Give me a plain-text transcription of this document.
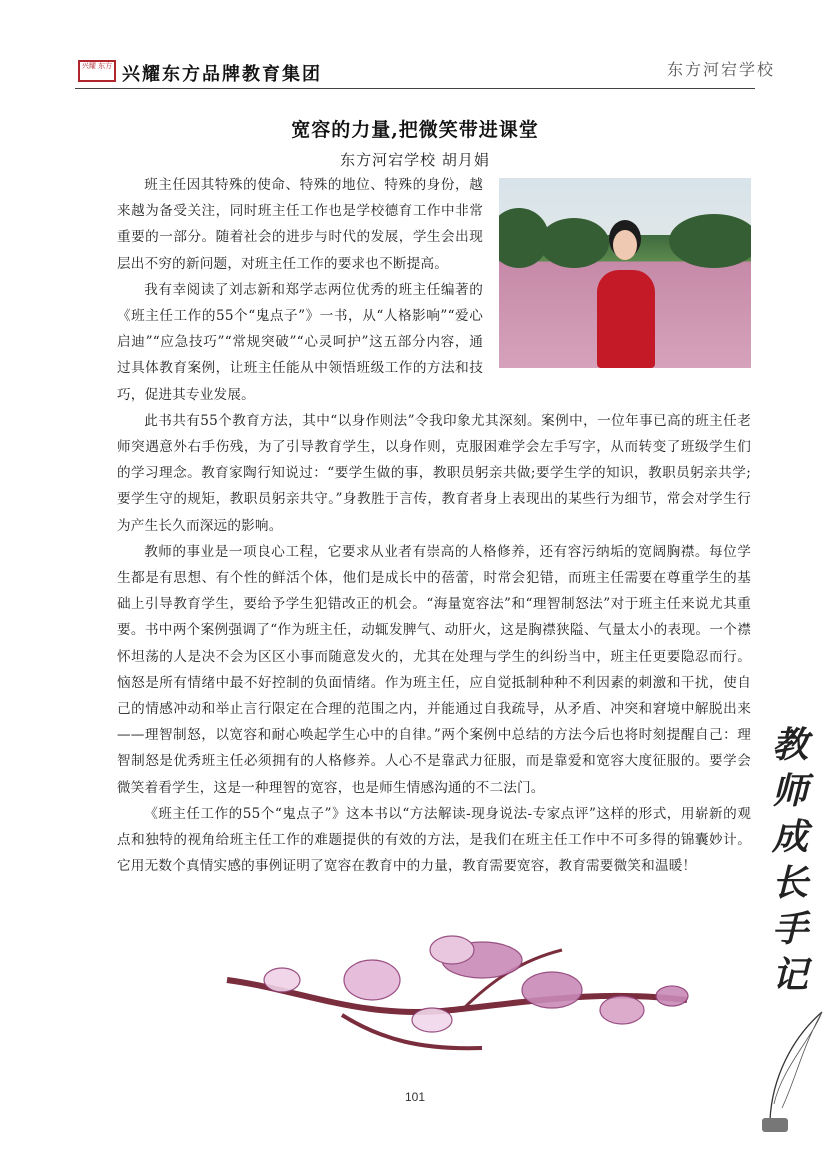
兴耀 东方 兴耀东方品牌教育集团	东方河宕学校
宽容的力量,把微笑带进课堂
东方河宕学校 胡月娟

班主任因其特殊的使命、特殊的地位、特殊的身份，越来越为备受关注，同时班主任工作也是学校德育工作中非常重要的一部分。随着社会的进步与时代的发展，学生会出现层出不穷的新问题，对班主任工作的要求也不断提高。

我有幸阅读了刘志新和郑学志两位优秀的班主任编著的《班主任工作的55个“鬼点子”》一书，从“人格影响”“爱心启迪”“应急技巧”“常规突破”“心灵呵护”这五部分内容，通过具体教育案例，让班主任能从中领悟班级工作的方法和技巧，促进其专业发展。

此书共有55个教育方法，其中“以身作则法”令我印象尤其深刻。案例中，一位年事已高的班主任老师突遇意外右手伤残，为了引导教育学生，以身作则，克服困难学会左手写字，从而转变了班级学生们的学习理念。教育家陶行知说过：“要学生做的事，教职员躬亲共做;要学生学的知识，教职员躬亲共学;要学生守的规矩，教职员躬亲共守。”身教胜于言传，教育者身上表现出的某些行为细节，常会对学生行为产生长久而深远的影响。

教师的事业是一项良心工程，它要求从业者有崇高的人格修养，还有容污纳垢的宽阔胸襟。每位学生都是有思想、有个性的鲜活个体，他们是成长中的蓓蕾，时常会犯错，而班主任需要在尊重学生的基础上引导教育学生，要给予学生犯错改正的机会。“海量宽容法”和“理智制怒法”对于班主任来说尤其重要。书中两个案例强调了“作为班主任，动辄发脾气、动肝火，这是胸襟狭隘、气量太小的表现。一个襟怀坦荡的人是决不会为区区小事而随意发火的，尤其在处理与学生的纠纷当中，班主任更要隐忍而行。恼怒是所有情绪中最不好控制的负面情绪。作为班主任，应自觉抵制种种不利因素的刺激和干扰，使自己的情感冲动和举止言行限定在合理的范围之内，并能通过自我疏导，从矛盾、冲突和窘境中解脱出来——理智制怒，以宽容和耐心唤起学生心中的自律。”两个案例中总结的方法今后也将时刻提醒自己：理智制怒是优秀班主任必须拥有的人格修养。人心不是靠武力征服，而是靠爱和宽容大度征服的。要学会微笑着看学生，这是一种理智的宽容，也是师生情感沟通的不二法门。

《班主任工作的55个“鬼点子”》这本书以“方法解读-现身说法-专家点评”这样的形式，用崭新的观点和独特的视角给班主任工作的难题提供的有效的方法，是我们在班主任工作中不可多得的锦囊妙计。它用无数个真情实感的事例证明了宽容在教育中的力量，教育需要宽容，教育需要微笑和温暖！

教
师
成
长
手
记
101
